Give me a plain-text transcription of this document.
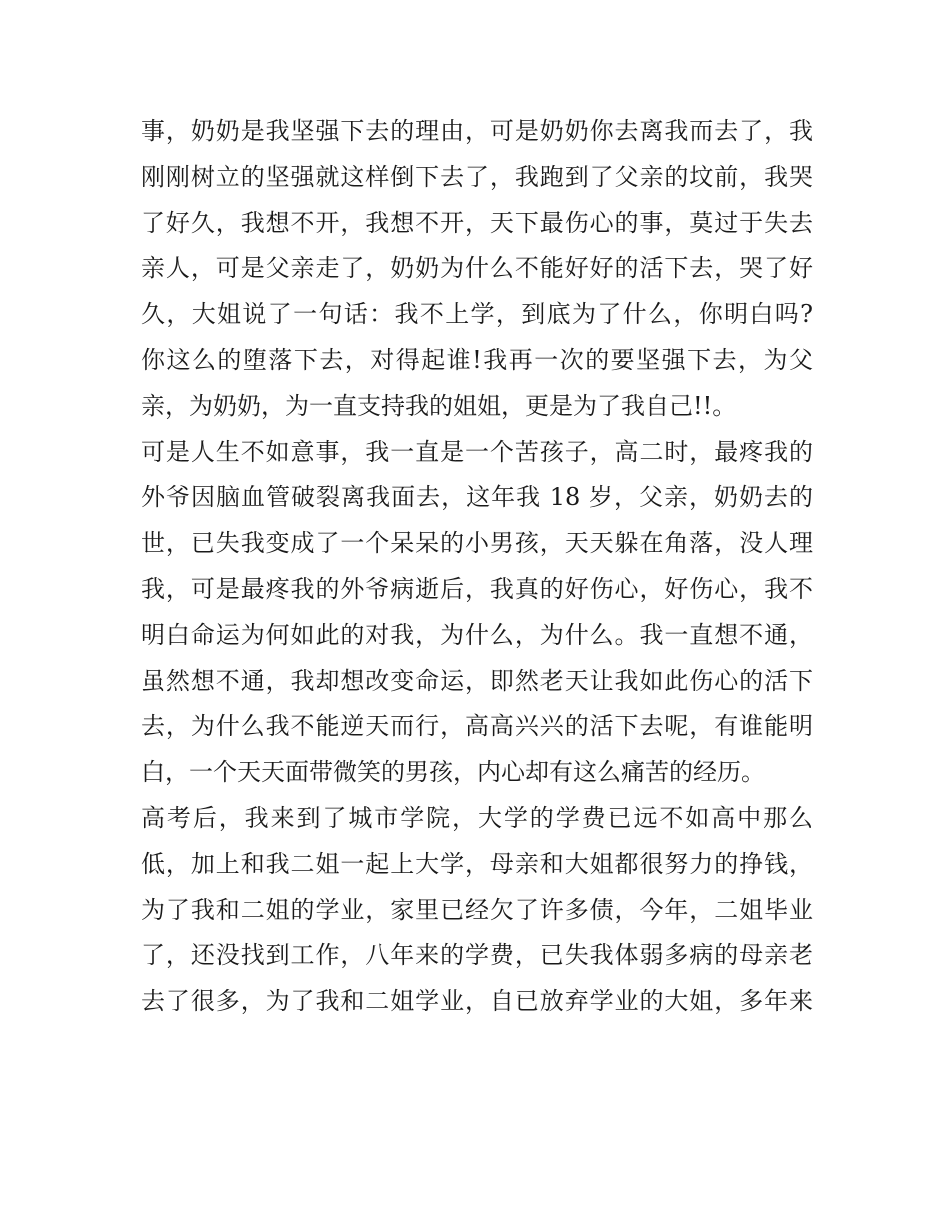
事，奶奶是我坚强下去的理由，可是奶奶你去离我而去了，我
刚刚树立的坚强就这样倒下去了，我跑到了父亲的坟前，我哭
了好久，我想不开，我想不开，天下最伤心的事，莫过于失去
亲人，可是父亲走了，奶奶为什么不能好好的活下去，哭了好
久，大姐说了一句话：我不上学，到底为了什么，你明白吗?
你这么的堕落下去，对得起谁!我再一次的要坚强下去，为父
亲，为奶奶，为一直支持我的姐姐，更是为了我自己!!。
可是人生不如意事，我一直是一个苦孩子，高二时，最疼我的
外爷因脑血管破裂离我面去，这年我 18 岁，父亲，奶奶去的
世，已失我变成了一个呆呆的小男孩，天天躲在角落，没人理
我，可是最疼我的外爷病逝后，我真的好伤心，好伤心，我不
明白命运为何如此的对我，为什么，为什么。我一直想不通，
虽然想不通，我却想改变命运，即然老天让我如此伤心的活下
去，为什么我不能逆天而行，高高兴兴的活下去呢，有谁能明
白，一个天天面带微笑的男孩，内心却有这么痛苦的经历。
高考后，我来到了城市学院，大学的学费已远不如高中那么
低，加上和我二姐一起上大学，母亲和大姐都很努力的挣钱，
为了我和二姐的学业，家里已经欠了许多债，今年，二姐毕业
了，还没找到工作，八年来的学费，已失我体弱多病的母亲老
去了很多，为了我和二姐学业，自已放弃学业的大姐，多年来
